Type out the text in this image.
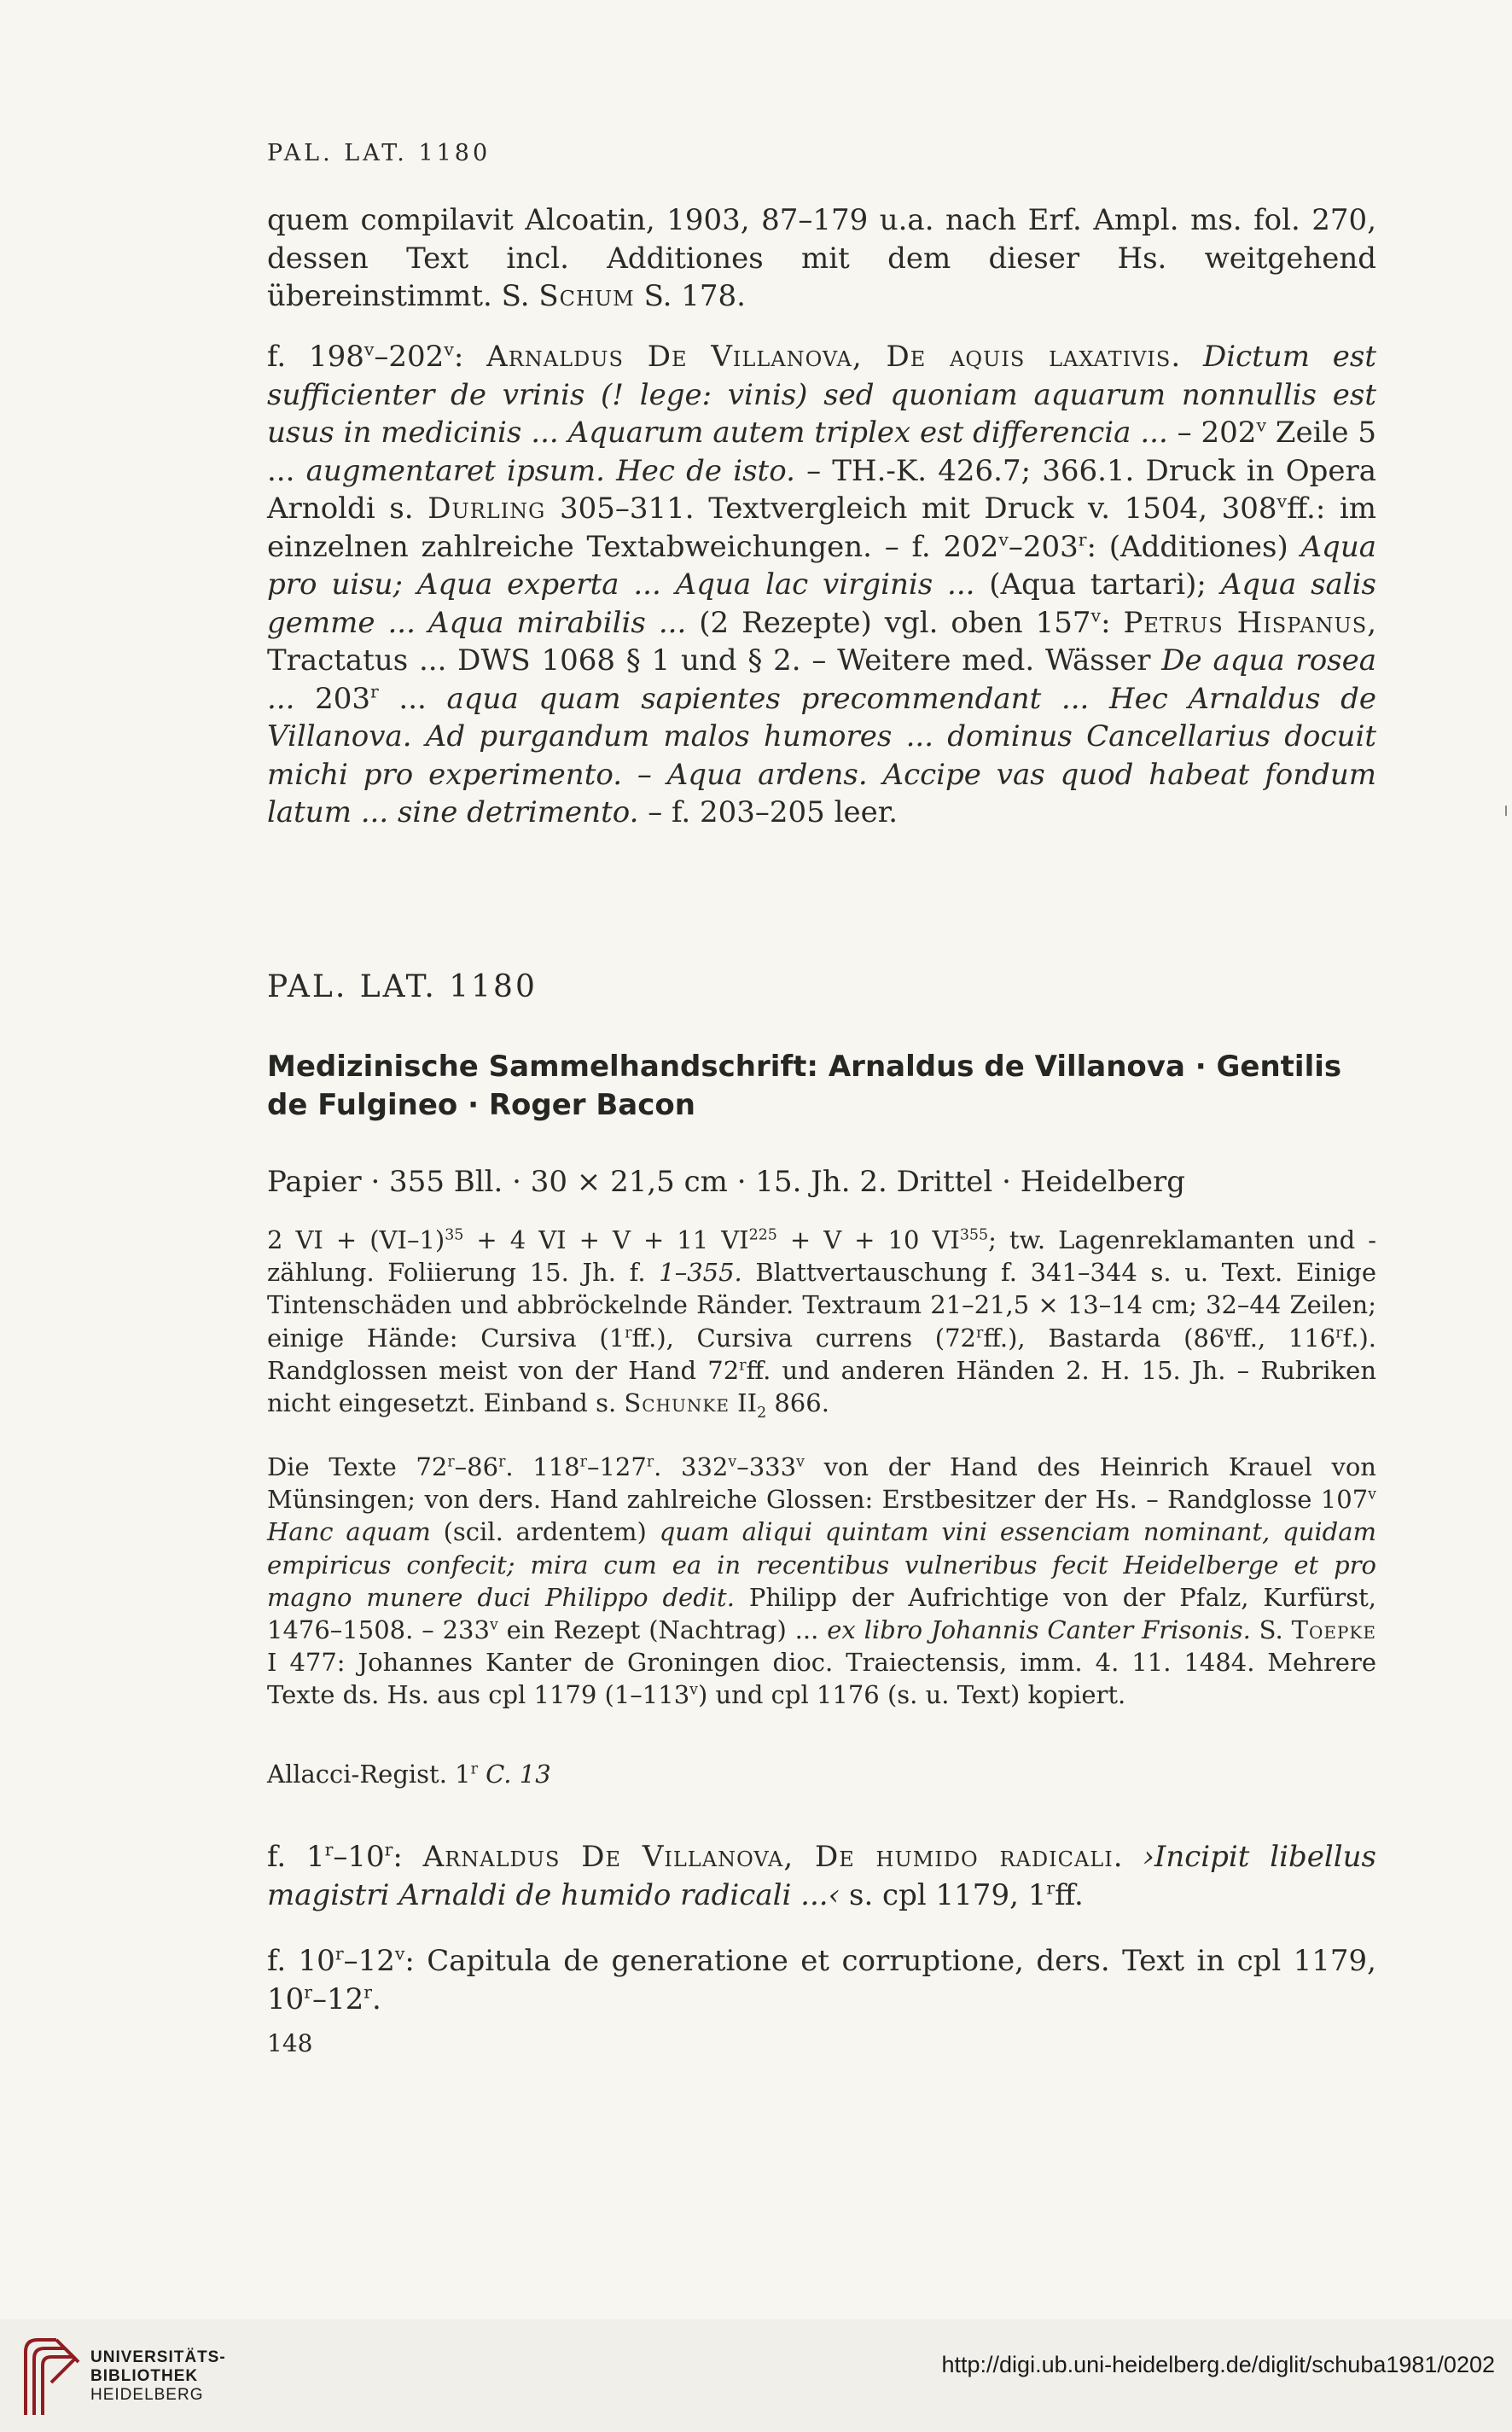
PAL. LAT. 1180

quem compilavit Alcoatin, 1903, 87–179 u.a. nach Erf. Ampl. ms. fol. 270, dessen Text incl. Additiones mit dem dieser Hs. weitgehend übereinstimmt. S. Schum S. 178.

f. 198$^v$–202$^v$: Arnaldus De Villanova, De aquis laxativis. Dictum est sufficienter de vrinis (! lege: vinis) sed quoniam aquarum nonnullis est usus in medicinis ... Aquarum autem triplex est differencia ... – 202$^v$ Zeile 5 ... augmentaret ipsum. Hec de isto. – TH.-K. 426.7; 366.1. Druck in Opera Arnoldi s. Durling 305–311. Textvergleich mit Druck v. 1504, 308$^v$ff.: im einzelnen zahlreiche Textabweichungen. – f. 202$^v$–203$^r$: (Additiones) Aqua pro uisu; Aqua experta ... Aqua lac virginis ... (Aqua tartari); Aqua salis gemme ... Aqua mirabilis ... (2 Rezepte) vgl. oben 157$^v$: Petrus Hispanus, Tractatus ... DWS 1068 § 1 und § 2. – Weitere med. Wässer De aqua rosea ... 203$^r$ ... aqua quam sapientes precommendant ... Hec Arnaldus de Villanova. Ad purgandum malos humores ... dominus Cancellarius docuit michi pro experimento. – Aqua ardens. Accipe vas quod habeat fondum latum ... sine detrimento. – f. 203–205 leer.

PAL. LAT. 1180
Medizinische Sammelhandschrift: Arnaldus de Villanova · Gentilis de Fulgineo · Roger Bacon

Papier · 355 Bll. · 30 × 21,5 cm · 15. Jh. 2. Drittel · Heidelberg

2 VI + $(VI-1)^{35} + 4$ VI + V + 11 $VI^{225} + V + 10$ VI$^{355}$; tw. Lagenreklamanten und -zählung. Foliierung 15. Jh. f. 1–355. Blattvertauschung f. 341–344 s. u. Text. Einige Tintenschäden und abbröckelnde Ränder. Textraum 21–21,5 × 13–14 cm; 32–44 Zeilen; einige Hände: Cursiva (1$^r$ff.), Cursiva currens (72$^r$ff.), Bastarda (86$^v$ff., 116$^r$f.). Randglossen meist von der Hand 72$^r$ff. und anderen Händen 2. H. 15. Jh. – Rubriken nicht eingesetzt. Einband s. Schunke $II_2$ 866.

Die Texte 72$^r$–86$^r$. 118$^r$–127$^r$. 332$^v$–333$^v$ von der Hand des Heinrich Krauel von Münsingen; von ders. Hand zahlreiche Glossen: Erstbesitzer der Hs. – Randglosse 107$^v$ Hanc aquam (scil. ardentem) quam aliqui quintam vini essenciam nominant, quidam empiricus confecit; mira cum ea in recentibus vulneribus fecit Heidelberge et pro magno munere duci Philippo dedit. Philipp der Aufrichtige von der Pfalz, Kurfürst, 1476–1508. – 233$^v$ ein Rezept (Nachtrag) ... ex libro Johannis Canter Frisonis. S. Toepke I 477: Johannes Kanter de Groningen dioc. Traiectensis, imm. 4. 11. 1484. Mehrere Texte ds. Hs. aus cpl 1179 (1–113$^v$) und cpl 1176 (s. u. Text) kopiert.

Allacci-Regist. 1$^r$ C. 13

f. 1$^r$–10$^r$: Arnaldus De Villanova, De humido radicali. ›Incipit libellus magistri Arnaldi de humido radicali ...‹ s. cpl 1179, 1$^r$ff.

f. 10$^r$–12$^v$: Capitula de generatione et corruptione, ders. Text in cpl 1179, 10$^r$–12$^r$.

148
UNIVERSITÄTS-
BIBLIOTHEK
HEIDELBERG
http://digi.ub.uni-heidelberg.de/diglit/schuba1981/0202
